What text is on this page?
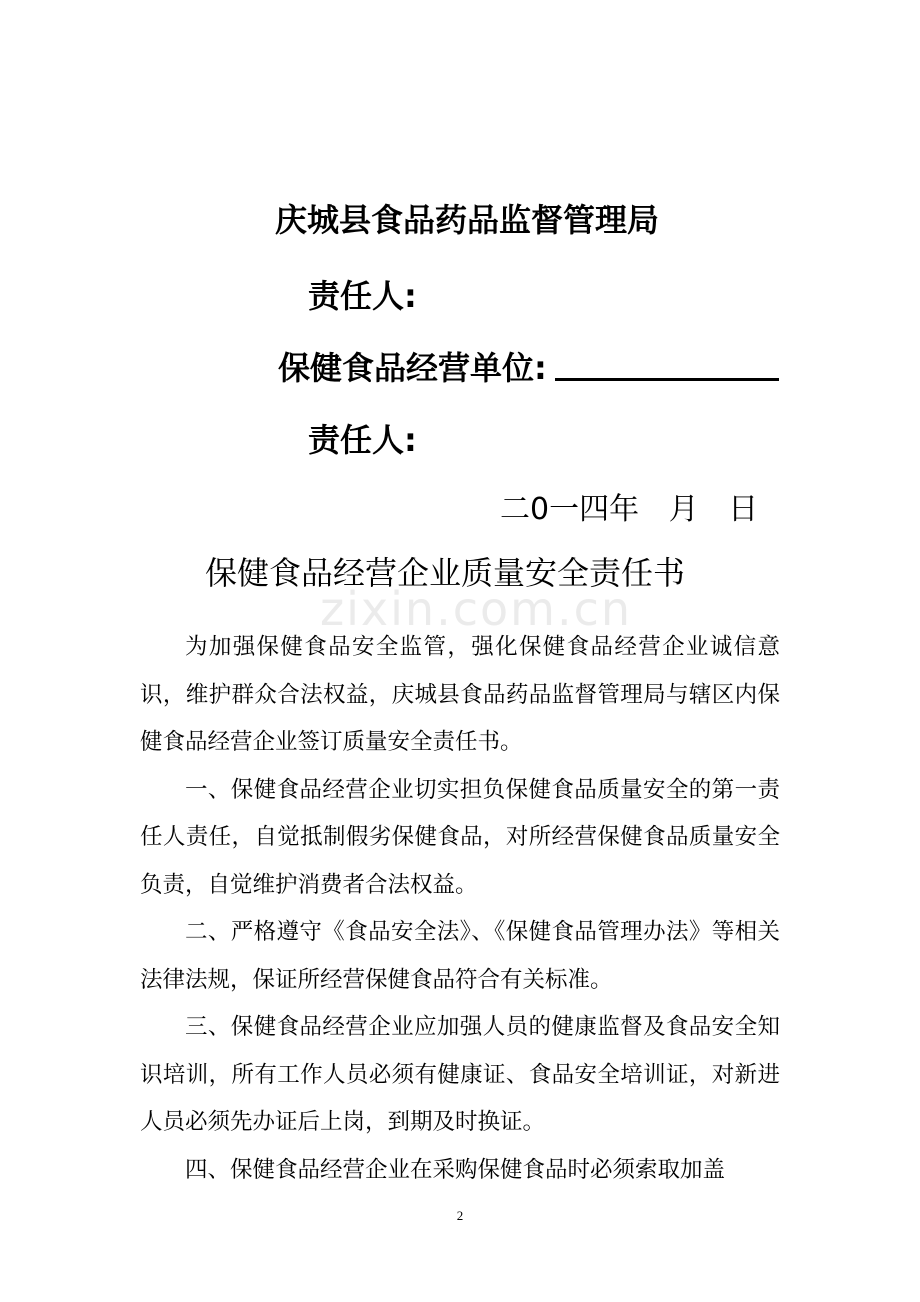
庆城县食品药品监督管理局
责任人:
保健食品经营单位:
责任人:
二0一四年 月 日
保健食品经营企业质量安全责任书
zixin.com.cn

为加强保健食品安全监管，强化保健食品经营企业诚信意识，维护群众合法权益，庆城县食品药品监督管理局与辖区内保健食品经营企业签订质量安全责任书。

一、保健食品经营企业切实担负保健食品质量安全的第一责任人责任，自觉抵制假劣保健食品，对所经营保健食品质量安全负责，自觉维护消费者合法权益。

二、严格遵守《食品安全法》、《保健食品管理办法》等相关法律法规，保证所经营保健食品符合有关标准。

三、保健食品经营企业应加强人员的健康监督及食品安全知识培训，所有工作人员必须有健康证、食品安全培训证，对新进人员必须先办证后上岗，到期及时换证。

四、保健食品经营企业在采购保健食品时必须索取加盖

2
